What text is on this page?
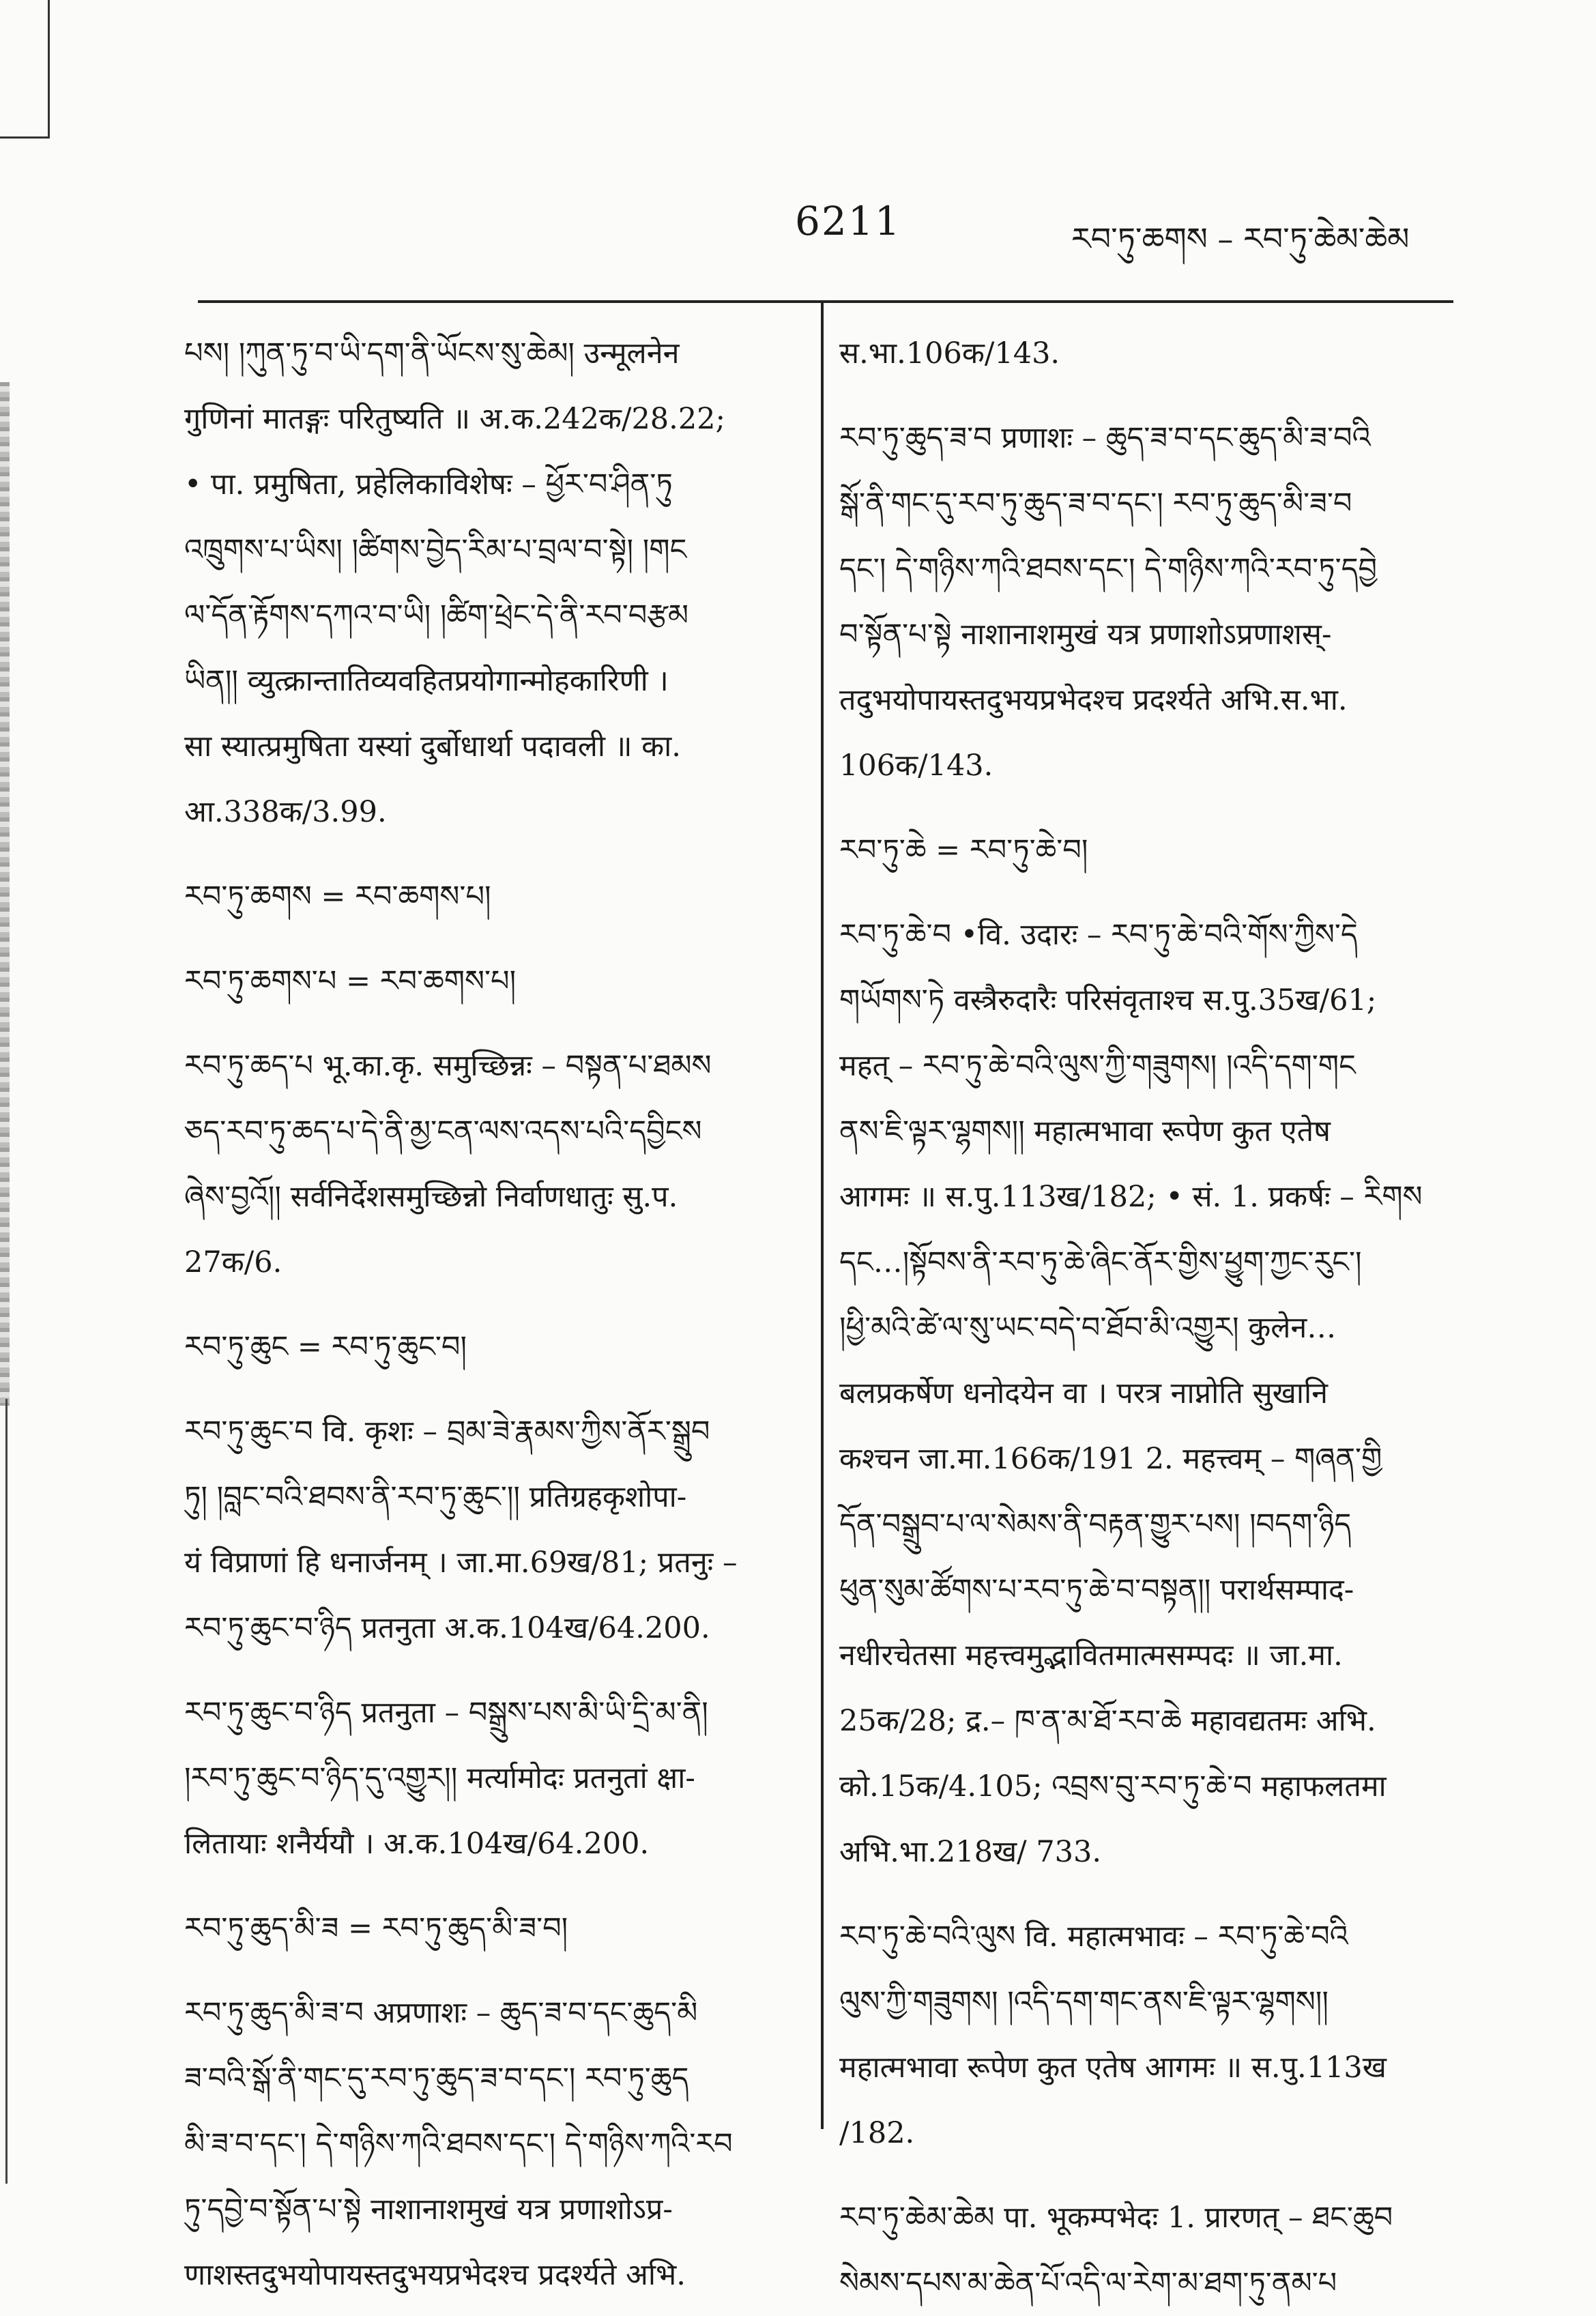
6211	རབ་ཏུ་ཆགས – རབ་ཏུ་ཆེམ་ཆེམ
པས། །ཀུན་ཏུ་བ་ཡི་དག་ནི་ཡོངས་སུ་ཆེམ། उन्मूलनेन
गुणिनां मातङ्गः परितुष्यति ॥ अ.क.242क/28.22;
• पा. प्रमुषिता, प्रहेलिकाविशेषः – ཕྱོར་བ་ཤིན་ཏུ
འཁྲུགས་པ་ཡིས། །ཚིགས་བྱེད་རིམ་པ་བྲལ་བ་སྟེ། །གང
ལ་དོན་རྟོགས་དཀའ་བ་ཡི། །ཚིག་ཕྲེང་དེ་ནི་རབ་བརྩམ
ཡིན།། व्युत्क्रान्तातिव्यवहितप्रयोगान्मोहकारिणी ।
सा स्यात्प्रमुषिता यस्यां दुर्बोधार्था पदावली ॥ का.
आ.338क/3.99.
རབ་ཏུ་ཆགས = རབ་ཆགས་པ།
རབ་ཏུ་ཆགས་པ = རབ་ཆགས་པ།
རབ་ཏུ་ཆད་པ भू.का.कृ. समुच्छिन्नः – བསྟན་པ་ཐམས
ཅད་རབ་ཏུ་ཆད་པ་དེ་ནི་མྱ་ངན་ལས་འདས་པའི་དབྱིངས
ཞེས་བྱའོ།། सर्वनिर्देशसमुच्छिन्नो निर्वाणधातुः सु.प.
27क/6.
རབ་ཏུ་ཆུང = རབ་ཏུ་ཆུང་བ།
རབ་ཏུ་ཆུང་བ वि. कृशः – བྲམ་ཟེ་རྣམས་ཀྱིས་ནོར་སྒྲུབ
ཏུ། །བླང་བའི་ཐབས་ནི་རབ་ཏུ་ཆུང་།། प्रतिग्रहकृशोपा-
यं विप्राणां हि धनार्जनम् । जा.मा.69ख/81; प्रतनुः –
རབ་ཏུ་ཆུང་བ་ཉིད प्रतनुता अ.क.104ख/64.200.
རབ་ཏུ་ཆུང་བ་ཉིད प्रतनुता – བསྒྲུས་པས་མི་ཡི་དྲི་མ་ནི།
།རབ་ཏུ་ཆུང་བ་ཉིད་དུ་འགྱུར།། मर्त्यामोदः प्रतनुतां क्षा-
लितायाः शनैर्ययौ । अ.क.104ख/64.200.
རབ་ཏུ་ཆུད་མི་ཟ = རབ་ཏུ་ཆུད་མི་ཟ་བ།
རབ་ཏུ་ཆུད་མི་ཟ་བ अप्रणाशः – ཆུད་ཟ་བ་དང་ཆུད་མི
ཟ་བའི་སྒོ་ནི་གང་དུ་རབ་ཏུ་ཆུད་ཟ་བ་དང་། རབ་ཏུ་ཆུད
མི་ཟ་བ་དང་། དེ་གཉིས་ཀའི་ཐབས་དང་། དེ་གཉིས་ཀའི་རབ
ཏུ་དབྱེ་བ་སྟོན་པ་སྟེ नाशानाशमुखं यत्र प्रणाशोऽप्र-
णाशस्तदुभयोपायस्तदुभयप्रभेदश्च प्रदर्श्यते अभि.
स.भा.106क/143.
རབ་ཏུ་ཆུད་ཟ་བ प्रणाशः – ཆུད་ཟ་བ་དང་ཆུད་མི་ཟ་བའི
སྒོ་ནི་གང་དུ་རབ་ཏུ་ཆུད་ཟ་བ་དང་། རབ་ཏུ་ཆུད་མི་ཟ་བ
དང་། དེ་གཉིས་ཀའི་ཐབས་དང་། དེ་གཉིས་ཀའི་རབ་ཏུ་དབྱེ
བ་སྟོན་པ་སྟེ नाशानाशमुखं यत्र प्रणाशोऽप्रणाशस्-
तदुभयोपायस्तदुभयप्रभेदश्च प्रदर्श्यते अभि.स.भा.
106क/143.
རབ་ཏུ་ཆེ = རབ་ཏུ་ཆེ་བ།
རབ་ཏུ་ཆེ་བ •वि. उदारः – རབ་ཏུ་ཆེ་བའི་གོས་ཀྱིས་དེ
གཡོགས་ཏེ वस्त्रैरुदारैः परिसंवृताश्च स.पु.35ख/61;
महत् – རབ་ཏུ་ཆེ་བའི་ལུས་ཀྱི་གཟུགས། །འདི་དག་གང
ནས་ཇི་ལྟར་ལྷགས།། महात्मभावा रूपेण कुत एतेष
आगमः ॥ स.पु.113ख/182; • सं. 1. प्रकर्षः – རིགས
དང…།སྟོབས་ནི་རབ་ཏུ་ཆེ་ཞིང་ནོར་གྱིས་ཕྱུག་ཀྱང་རུང་།
།ཕྱི་མའི་ཚེ་ལ་སུ་ཡང་བདེ་བ་ཐོབ་མི་འགྱུར། कुलेन…
बलप्रकर्षेण धनोदयेन वा । परत्र नाप्नोति सुखानि
कश्चन जा.मा.166क/191 2. महत्त्वम् – གཞན་གྱི
དོན་བསྒྲུབ་པ་ལ་སེམས་ནི་བརྟན་གྱུར་པས། །བདག་ཉིད
ཕུན་སུམ་ཚོགས་པ་རབ་ཏུ་ཆེ་བ་བསྟན།། परार्थसम्पाद-
नधीरचेतसा महत्त्वमुद्भावितमात्मसम्पदः ॥ जा.मा.
25क/28; द्र.– ཁ་ན་མ་ཐོ་རབ་ཆེ महावद्यतमः अभि.
को.15क/4.105; འབྲས་བུ་རབ་ཏུ་ཆེ་བ महाफलतमा
अभि.भा.218ख/ 733.
རབ་ཏུ་ཆེ་བའི་ལུས वि. महात्मभावः – རབ་ཏུ་ཆེ་བའི
ལུས་ཀྱི་གཟུགས། །འདི་དག་གང་ནས་ཇི་ལྟར་ལྷགས།།
महात्मभावा रूपेण कुत एतेष आगमः ॥ स.पु.113ख
/182.
རབ་ཏུ་ཆེམ་ཆེམ पा. भूकम्पभेदः 1. प्रारणत् – ཐང་ཆུབ
སེམས་དཔས་མ་ཆེན་པོ་འདི་ལ་རེག་མ་ཐག་ཏུ་ནམ་པ
